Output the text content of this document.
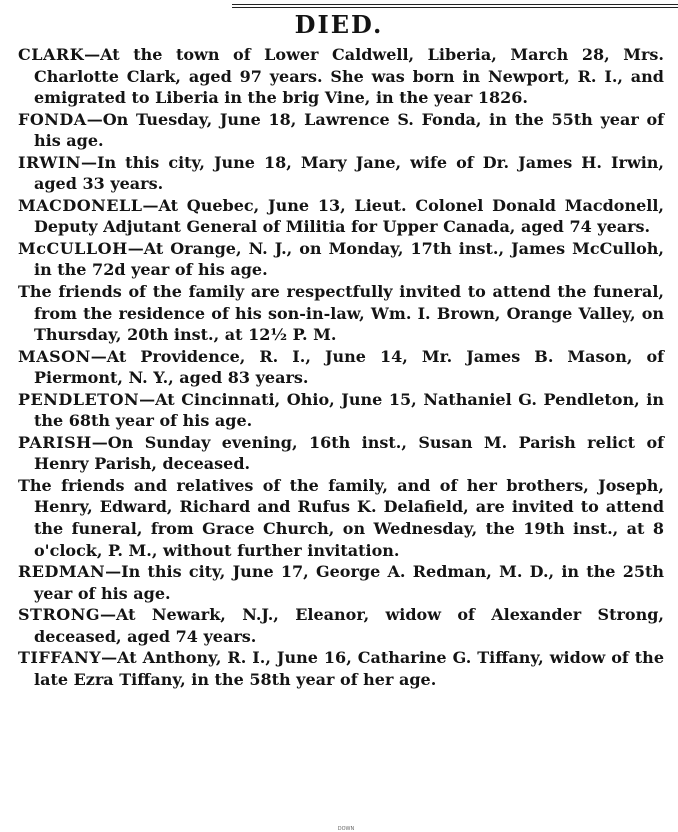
DIED.

CLARK—At the town of Lower Caldwell, Liberia, March 28, Mrs. Charlotte Clark, aged 97 years. She was born in Newport, R. I., and emigrated to Liberia in the brig Vine, in the year 1826.

FONDA—On Tuesday, June 18, Lawrence S. Fonda, in the 55th year of his age.

IRWIN—In this city, June 18, Mary Jane, wife of Dr. James H. Irwin, aged 33 years.

MACDONELL—At Quebec, June 13, Lieut. Colonel Donald Macdonell, Deputy Adjutant General of Militia for Upper Canada, aged 74 years.

McCULLOH—At Orange, N. J., on Monday, 17th inst., James McCulloh, in the 72d year of his age.

The friends of the family are respectfully invited to attend the funeral, from the residence of his son-in-law, Wm. I. Brown, Orange Valley, on Thursday, 20th inst., at 12½ P. M.

MASON—At Providence, R. I., June 14, Mr. James B. Mason, of Piermont, N. Y., aged 83 years.

PENDLETON—At Cincinnati, Ohio, June 15, Nathaniel G. Pendleton, in the 68th year of his age.

PARISH—On Sunday evening, 16th inst., Susan M. Parish relict of Henry Parish, deceased.

The friends and relatives of the family, and of her brothers, Joseph, Henry, Edward, Richard and Rufus K. Delafield, are invited to attend the funeral, from Grace Church, on Wednesday, the 19th inst., at 8 o'clock, P. M., without further invitation.

REDMAN—In this city, June 17, George A. Redman, M. D., in the 25th year of his age.

STRONG—At Newark, N.J., Eleanor, widow of Alexander Strong, deceased, aged 74 years.

TIFFANY—At Anthony, R. I., June 16, Catharine G. Tiffany, widow of the late Ezra Tiffany, in the 58th year of her age.

DOWN
